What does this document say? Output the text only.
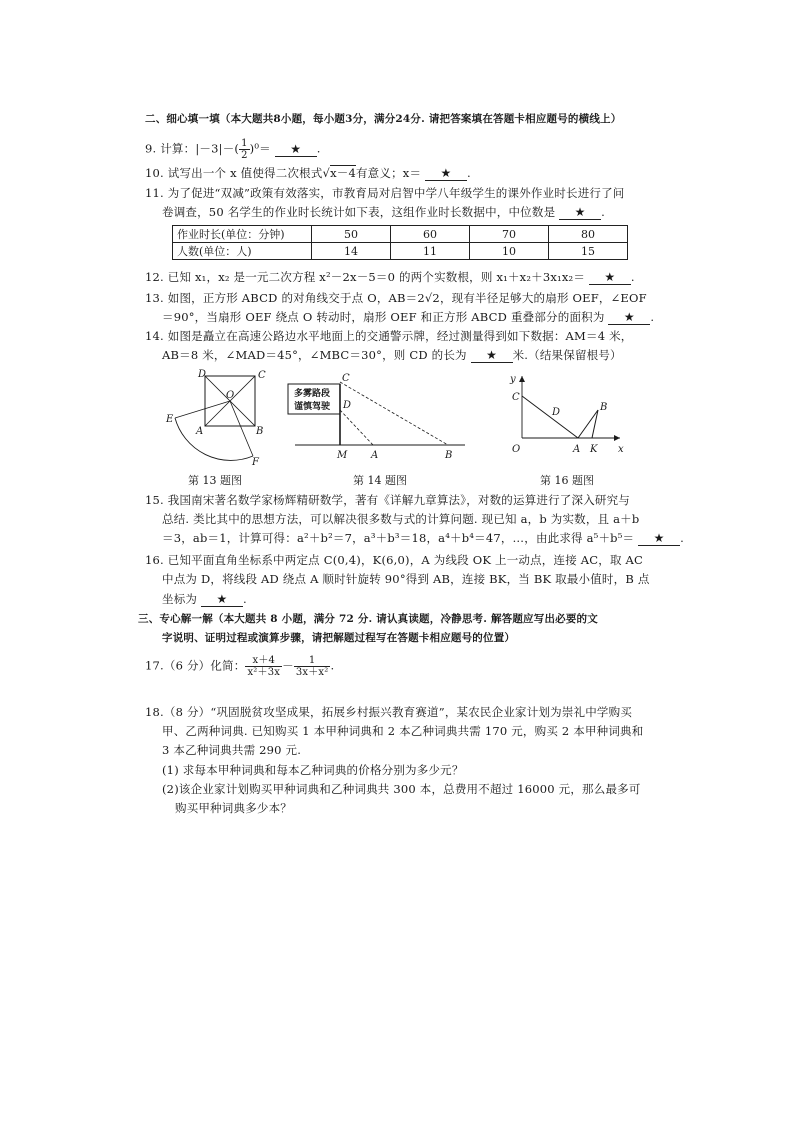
二、细心填一填（本大题共8小题，每小题3分，满分24分. 请把答案填在答题卡相应题号的横线上）
9. 计算：$|-3|-( \frac{1}{2} )^0=$ ★ .
10. 试写出一个 x 值使得二次根式√x－4有意义；x＝ ★ .
11. 为了促进“双减”政策有效落实，市教育局对启智中学八年级学生的课外作业时长进行了问
卷调查，50 名学生的作业时长统计如下表，这组作业时长数据中，中位数是 ★ .
作业时长(单位：分钟)	50	60	70	80
人数(单位：人)	14	11	10	15
12. 已知 x₁，x₂ 是一元二次方程 x²－2x－5＝0 的两个实数根，则 x₁＋x₂＋3x₁x₂＝ ★ .
13. 如图，正方形 ABCD 的对角线交于点 O，AB＝2√2，现有半径足够大的扇形 OEF，∠EOF
＝90°，当扇形 OEF 绕点 O 转动时，扇形 OEF 和正方形 ABCD 重叠部分的面积为 ★ .
14. 如图是矗立在高速公路边水平地面上的交通警示牌，经过测量得到如下数据：AM＝4 米，
AB＝8 米，∠MAD＝45°，∠MBC＝30°，则 CD 的长为 ★ 米.（结果保留根号）
D	C
O
A	B
E
F
第 13 题图
多雾路段
谨慎驾驶
C
D
M A	B
第 14 题图
y
C
D	B
O	A K x
第 16 题图
15. 我国南宋著名数学家杨辉精研数学，著有《详解九章算法》，对数的运算进行了深入研究与
总结. 类比其中的思想方法，可以解决很多数与式的计算问题. 现已知 a，b 为实数，且 a＋b
＝3，ab＝1，计算可得：a²＋b²＝7，a³＋b³＝18，a⁴＋b⁴＝47，…，由此求得 a⁵＋b⁵＝ ★ .
16. 已知平面直角坐标系中两定点 C(0,4)，K(6,0)，A 为线段 OK 上一动点，连接 AC，取 AC
中点为 D，将线段 AD 绕点 A 顺时针旋转 90°得到 AB，连接 BK，当 BK 取最小值时，B 点
坐标为 ★ .
三、专心解一解（本大题共 8 小题，满分 72 分. 请认真读题，冷静思考. 解答题应写出必要的文
字说明、证明过程或演算步骤，请把解题过程写在答题卡相应题号的位置）
17.（6 分）化简： $\frac{x+4}{\text{x²＋3x}} - \frac{1}{\text{3x＋x²}}$ .
18.（8 分）“巩固脱贫攻坚成果，拓展乡村振兴教育赛道”，某农民企业家计划为崇礼中学购买
甲、乙两种词典. 已知购买 1 本甲种词典和 2 本乙种词典共需 170 元，购买 2 本甲种词典和
3 本乙种词典共需 290 元.
(1) 求每本甲种词典和每本乙种词典的价格分别为多少元？
(2)该企业家计划购买甲种词典和乙种词典共 300 本，总费用不超过 16000 元，那么最多可
购买甲种词典多少本？
